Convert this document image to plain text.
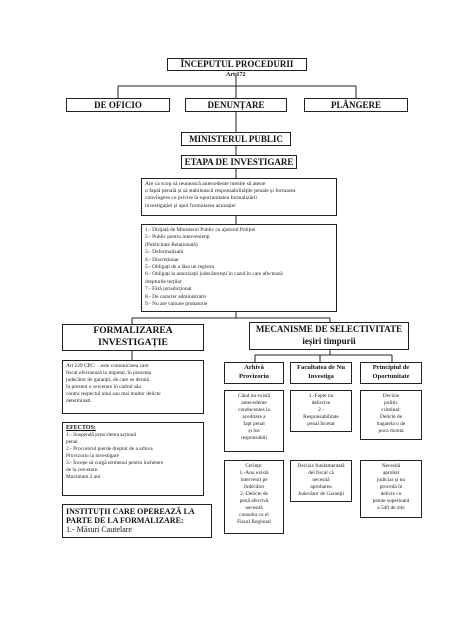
ÎNCEPUTUL PROCEDURII
Art.172
DE OFICIO	DENUNȚARE	PLÂNGERE
MINISTERUL PUBLIC
ETAPA DE INVESTIGARE
Are ca scop să reunească antecedente menite să ateste
o faptă penală și să stabilească responsabilitățile penale și formarea
convingere cu privire la oportunitatea formalizării
investigației și apoi formularea acuzației
1.- Dirijată de Ministerul Public cu ajutorul Poliției
2.- Public pentru intervenienți
(Publicitate Relaționată)
3.- Deformalizată
4.- Discreționar
5.- Obligați de a lăsa un registru
6.- Obligați la autorizații judecătorești în cazul în care afectează
drepturile terților
7.- Fără jurisdicțional
8.- De caracter administrativ
9.- Nu are valoare probatorie
FORMALIZAREA
INVESTIGAȚIE
Art 229 CPC: ...este comunicarea care
fiscal efectuează la imputat, în prezența
judecător de garanții, de care se derulă
în prezent o cercetare în cadrul său
contra respectul unui sau mai multor delicte
determinati.
EFECTOS:
1.- Suspendă prescrierea acțiunii
penal
2.- Procurorul pierde dreptul de a arhiva
Provizoriu la investigare
3.- Începe să curgă termenul pentru încheiere
de la cercetare.
Maximum 2 ani
INSTITUȚII CARE OPEREAZĂ LA
PARTE DE LA FORMALIZARE:
1.- Măsuri Cautelare
MECANISME DE SELECTIVITATE
ieșiri timpurii
Arhivă
Provizoriu
Când nu există
antecedente
conducentes la
aceditare a
fapt penal
și los
responsabili
Cerințe:
1.-Anu există
intervenit pe
Judecător
2.-Delicte de
penă afectivă
necesită
consulta cu el
Fiscal Regional
Facultatea de Nu
Investiga
1.-Fapte nu
delictive
2.-
Responsabilitate
penal încetat
Decizie fundamentată
del fiscal că
necesită
aprobarea
Judecător de Garanții
Principiul de
Oportunitate
Decizie
politic
criminal:
Delicte de
bagatela o de
poca monta
Necesită
aprobat
judiciar și nu
procedă în
delicte cu
penne superioară
a 540 de zile
